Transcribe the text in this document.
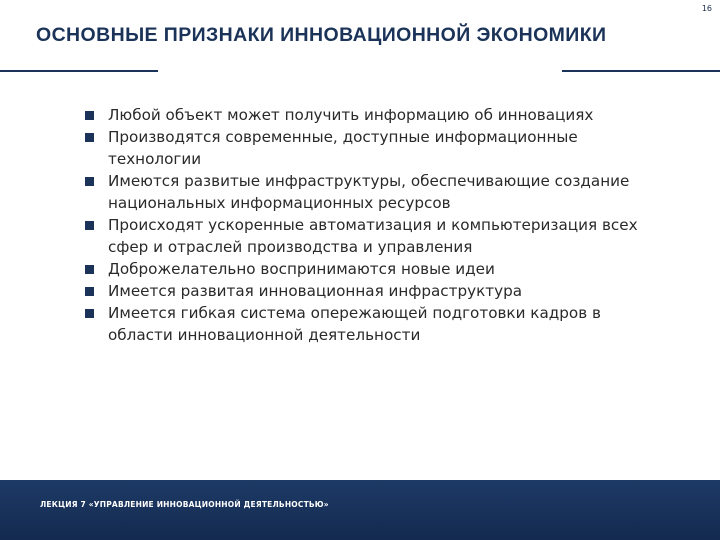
16
ОСНОВНЫЕ ПРИЗНАКИ ИННОВАЦИОННОЙ ЭКОНОМИКИ
Любой объект может получить информацию об инновациях
Производятся современные, доступные информационные технологии
Имеются развитые инфраструктуры, обеспечивающие создание национальных информационных ресурсов
Происходят ускоренные автоматизация и компьютеризация всех сфер и отраслей производства и управления
Доброжелательно воспринимаются новые идеи
Имеется развитая инновационная инфраструктура
Имеется гибкая система опережающей подготовки кадров в области инновационной деятельности
ЛЕКЦИЯ 7 «УПРАВЛЕНИЕ ИННОВАЦИОННОЙ ДЕЯТЕЛЬНОСТЬЮ»
